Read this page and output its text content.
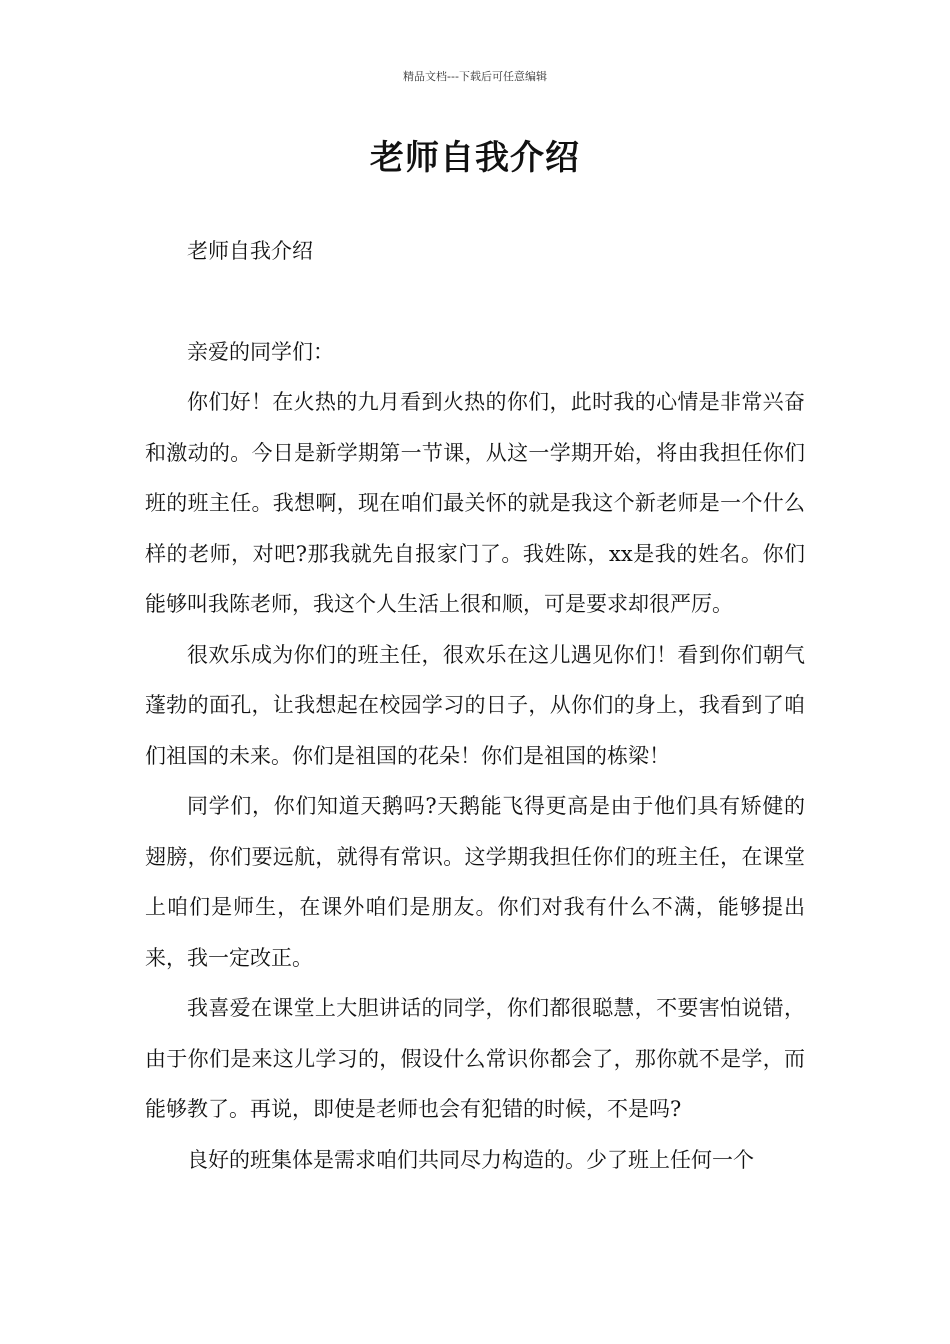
精品文档---下载后可任意编辑
老师自我介绍

老师自我介绍

亲爱的同学们：

你们好！在火热的九月看到火热的你们，此时我的心情是非常兴奋和激动的。今日是新学期第一节课，从这一学期开始，将由我担任你们班的班主任。我想啊，现在咱们最关怀的就是我这个新老师是一个什么样的老师，对吧?那我就先自报家门了。我姓陈，xx是我的姓名。你们能够叫我陈老师，我这个人生活上很和顺，可是要求却很严厉。

很欢乐成为你们的班主任，很欢乐在这儿遇见你们！看到你们朝气蓬勃的面孔，让我想起在校园学习的日子，从你们的身上，我看到了咱们祖国的未来。你们是祖国的花朵！你们是祖国的栋梁！

同学们，你们知道天鹅吗?天鹅能飞得更高是由于他们具有矫健的翅膀，你们要远航，就得有常识。这学期我担任你们的班主任，在课堂上咱们是师生，在课外咱们是朋友。你们对我有什么不满，能够提出来，我一定改正。

我喜爱在课堂上大胆讲话的同学，你们都很聪慧，不要害怕说错，由于你们是来这儿学习的，假设什么常识你都会了，那你就不是学，而能够教了。再说，即使是老师也会有犯错的时候，不是吗?

良好的班集体是需求咱们共同尽力构造的。少了班上任何一个
